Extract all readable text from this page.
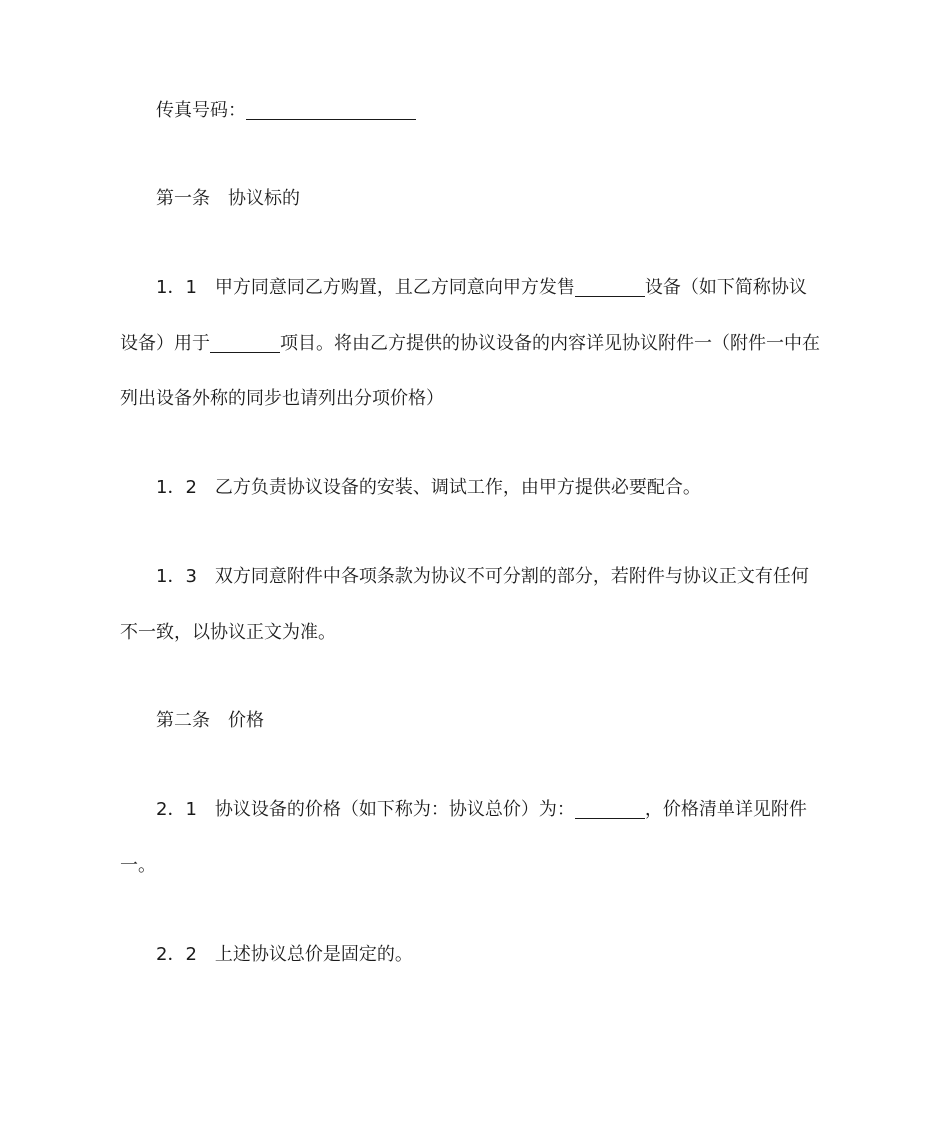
传真号码：
第一条 协议标的
1．1 甲方同意同乙方购置，且乙方同意向甲方发售	设备（如下简称协议
设备）用于	项目。将由乙方提供的协议设备的内容详见协议附件一（附件一中在
列出设备外称的同步也请列出分项价格）
1．2 乙方负责协议设备的安装、调试工作，由甲方提供必要配合。
1．3 双方同意附件中各项条款为协议不可分割的部分，若附件与协议正文有任何
不一致，以协议正文为准。
第二条 价格
2．1 协议设备的价格（如下称为：协议总价）为：	，价格清单详见附件
一。
2．2 上述协议总价是固定的。
